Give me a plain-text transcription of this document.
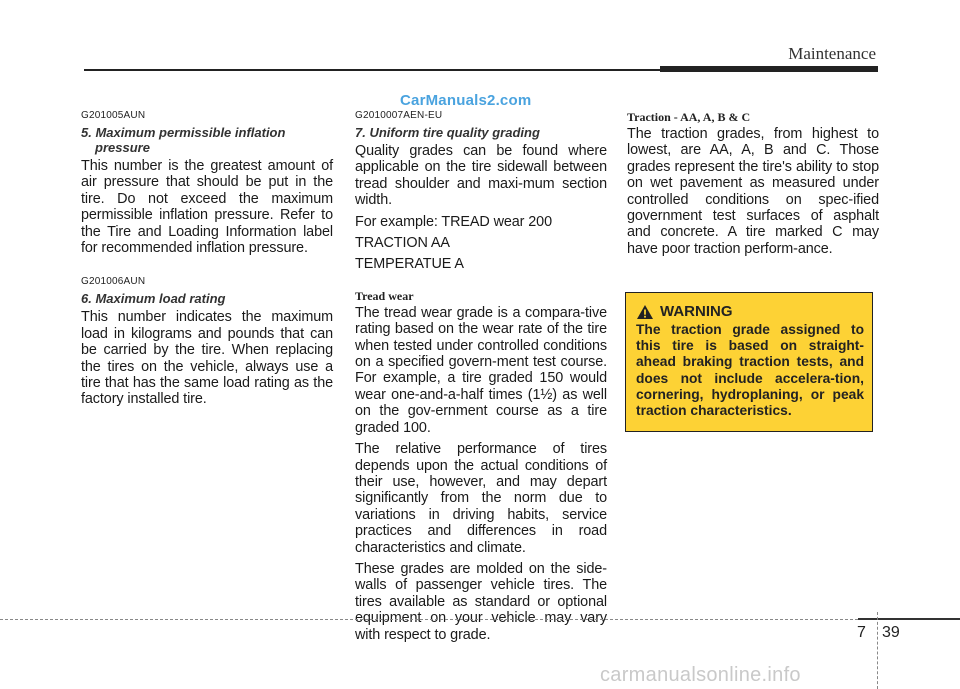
Maintenance
CarManuals2.com

G201005AUN

5. Maximum permissible inflation pressure

This number is the greatest amount of air pressure that should be put in the tire. Do not exceed the maximum permissible inflation pressure. Refer to the Tire and Loading Information label for recommended inflation pressure.

G201006AUN

6. Maximum load rating

This number indicates the maximum load in kilograms and pounds that can be carried by the tire. When replacing the tires on the vehicle, always use a tire that has the same load rating as the factory installed tire.

G2010007AEN-EU

7. Uniform tire quality grading

Quality grades can be found where applicable on the tire sidewall between tread shoulder and maxi-mum section width.

For example: TREAD wear 200

TRACTION AA

TEMPERATUE A

Tread wear

The tread wear grade is a compara-tive rating based on the wear rate of the tire when tested under controlled conditions on a specified govern-ment test course. For example, a tire graded 150 would wear one-and-a-half times (1½) as well on the gov-ernment course as a tire graded 100.

The relative performance of tires depends upon the actual conditions of their use, however, and may depart significantly from the norm due to variations in driving habits, service practices and differences in road characteristics and climate.

These grades are molded on the side-walls of passenger vehicle tires. The tires available as standard or optional equipment on your vehicle may vary with respect to grade.

Traction - AA, A, B & C

The traction grades, from highest to lowest, are AA, A, B and C. Those grades represent the tire's ability to stop on wet pavement as measured under controlled conditions on spec-ified government test surfaces of asphalt and concrete. A tire marked C may have poor traction perform-ance.

WARNING

The traction grade assigned to this tire is based on straight-ahead braking traction tests, and does not include accelera-tion, cornering, hydroplaning, or peak traction characteristics.

7 39
carmanualsonline.info
